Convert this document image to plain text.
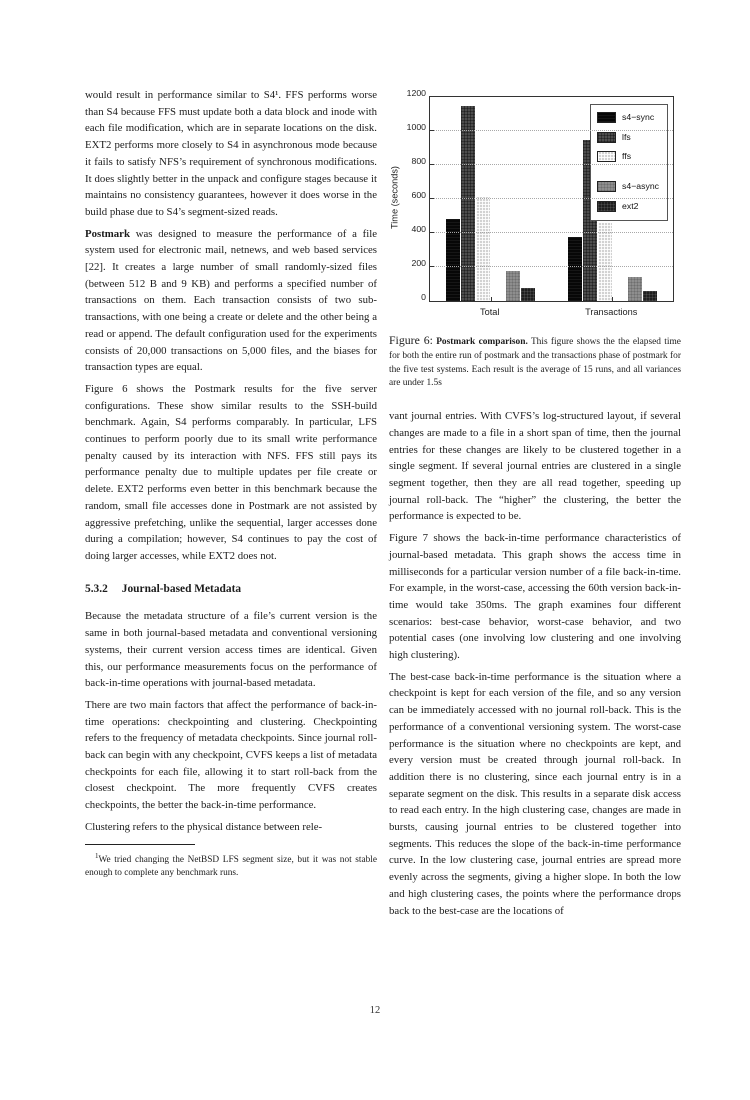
would result in performance similar to S4¹. FFS performs worse than S4 because FFS must update both a data block and inode with each file modification, which are in separate locations on the disk. EXT2 performs more closely to S4 in asynchronous mode because it fails to satisfy NFS’s requirement of synchronous modifications. It does slightly better in the unpack and configure stages because it maintains no consistency guarantees, however it does worse in the build phase due to S4’s segment-sized reads.

Postmark was designed to measure the performance of a file system used for electronic mail, netnews, and web based services [22]. It creates a large number of small randomly-sized files (between 512 B and 9 KB) and performs a specified number of transactions on them. Each transaction consists of two sub-transactions, with one being a create or delete and the other being a read or append. The default configuration used for the experiments consists of 20,000 transactions on 5,000 files, and the biases for transaction types are equal.

Figure 6 shows the Postmark results for the five server configurations. These show similar results to the SSH-build benchmark. Again, S4 performs comparably. In particular, LFS continues to perform poorly due to its small write performance penalty caused by its interaction with NFS. FFS still pays its performance penalty due to multiple updates per file create or delete. EXT2 performs even better in this benchmark because the random, small file accesses done in Postmark are not assisted by aggressive prefetching, unlike the sequential, larger accesses done during a compilation; however, S4 continues to pay the cost of doing larger accesses, while EXT2 does not.

5.3.2 Journal-based Metadata

Because the metadata structure of a file’s current version is the same in both journal-based metadata and conventional versioning systems, their current version access times are identical. Given this, our performance measurements focus on the performance of back-in-time operations with journal-based metadata.

There are two main factors that affect the performance of back-in-time operations: checkpointing and clustering. Checkpointing refers to the frequency of metadata checkpoints. Since journal roll-back can begin with any checkpoint, CVFS keeps a list of metadata checkpoints for each file, allowing it to start roll-back from the closest checkpoint. The more frequently CVFS creates checkpoints, the better the back-in-time performance.

Clustering refers to the physical distance between rele-

$^1$We tried changing the NetBSD LFS segment size, but it was not stable enough to complete any benchmark runs.
Time (seconds)
s4−sync
lfs
ffs
s4−async
ext2
0
200
400
600
800
1000
1200
Total	Transactions
Figure 6: Postmark comparison. This figure shows the the elapsed time for both the entire run of postmark and the transactions phase of postmark for the five test systems. Each result is the average of 15 runs, and all variances are under 1.5s

vant journal entries. With CVFS’s log-structured layout, if several changes are made to a file in a short span of time, then the journal entries for these changes are likely to be clustered together in a single segment. If several journal entries are clustered in a single segment together, then they are all read together, speeding up journal roll-back. The “higher” the clustering, the better the performance is expected to be.

Figure 7 shows the back-in-time performance characteristics of journal-based metadata. This graph shows the access time in milliseconds for a particular version number of a file back-in-time. For example, in the worst-case, accessing the 60th version back-in-time would take 350ms. The graph examines four different scenarios: best-case behavior, worst-case behavior, and two potential cases (one involving low clustering and one involving high clustering).

The best-case back-in-time performance is the situation where a checkpoint is kept for each version of the file, and so any version can be immediately accessed with no journal roll-back. This is the performance of a conventional versioning system. The worst-case performance is the situation where no checkpoints are kept, and every version must be created through journal roll-back. In addition there is no clustering, since each journal entry is in a separate segment on the disk. This results in a separate disk access to read each entry. In the high clustering case, changes are made in bursts, causing journal entries to be clustered together into segments. This reduces the slope of the back-in-time performance curve. In the low clustering case, journal entries are spread more evenly across the segments, giving a higher slope. In both the low and high clustering cases, the points where the performance drops back to the best-case are the locations of

12
